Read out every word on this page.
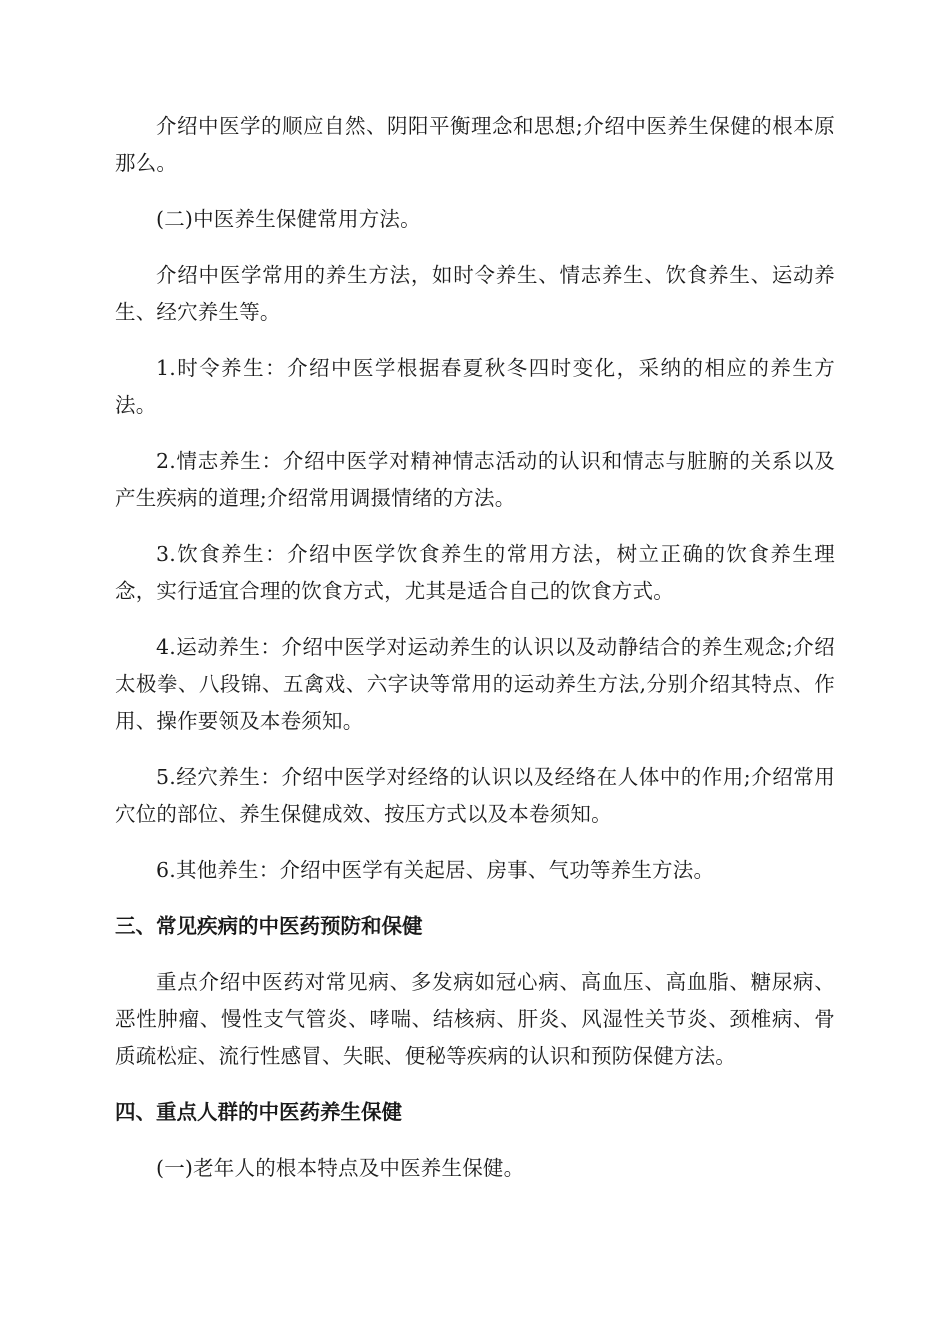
介绍中医学的顺应自然、阴阳平衡理念和思想;介绍中医养生保健的根本原那么。

(二)中医养生保健常用方法。

介绍中医学常用的养生方法，如时令养生、情志养生、饮食养生、运动养生、经穴养生等。

1.时令养生：介绍中医学根据春夏秋冬四时变化，采纳的相应的养生方法。

2.情志养生：介绍中医学对精神情志活动的认识和情志与脏腑的关系以及产生疾病的道理;介绍常用调摄情绪的方法。

3.饮食养生：介绍中医学饮食养生的常用方法，树立正确的饮食养生理念，实行适宜合理的饮食方式，尤其是适合自己的饮食方式。

4.运动养生：介绍中医学对运动养生的认识以及动静结合的养生观念;介绍太极拳、八段锦、五禽戏、六字诀等常用的运动养生方法,分别介绍其特点、作用、操作要领及本卷须知。

5.经穴养生：介绍中医学对经络的认识以及经络在人体中的作用;介绍常用穴位的部位、养生保健成效、按压方式以及本卷须知。

6.其他养生：介绍中医学有关起居、房事、气功等养生方法。

三、常见疾病的中医药预防和保健

重点介绍中医药对常见病、多发病如冠心病、高血压、高血脂、糖尿病、恶性肿瘤、慢性支气管炎、哮喘、结核病、肝炎、风湿性关节炎、颈椎病、骨质疏松症、流行性感冒、失眠、便秘等疾病的认识和预防保健方法。

四、重点人群的中医药养生保健

(一)老年人的根本特点及中医养生保健。
